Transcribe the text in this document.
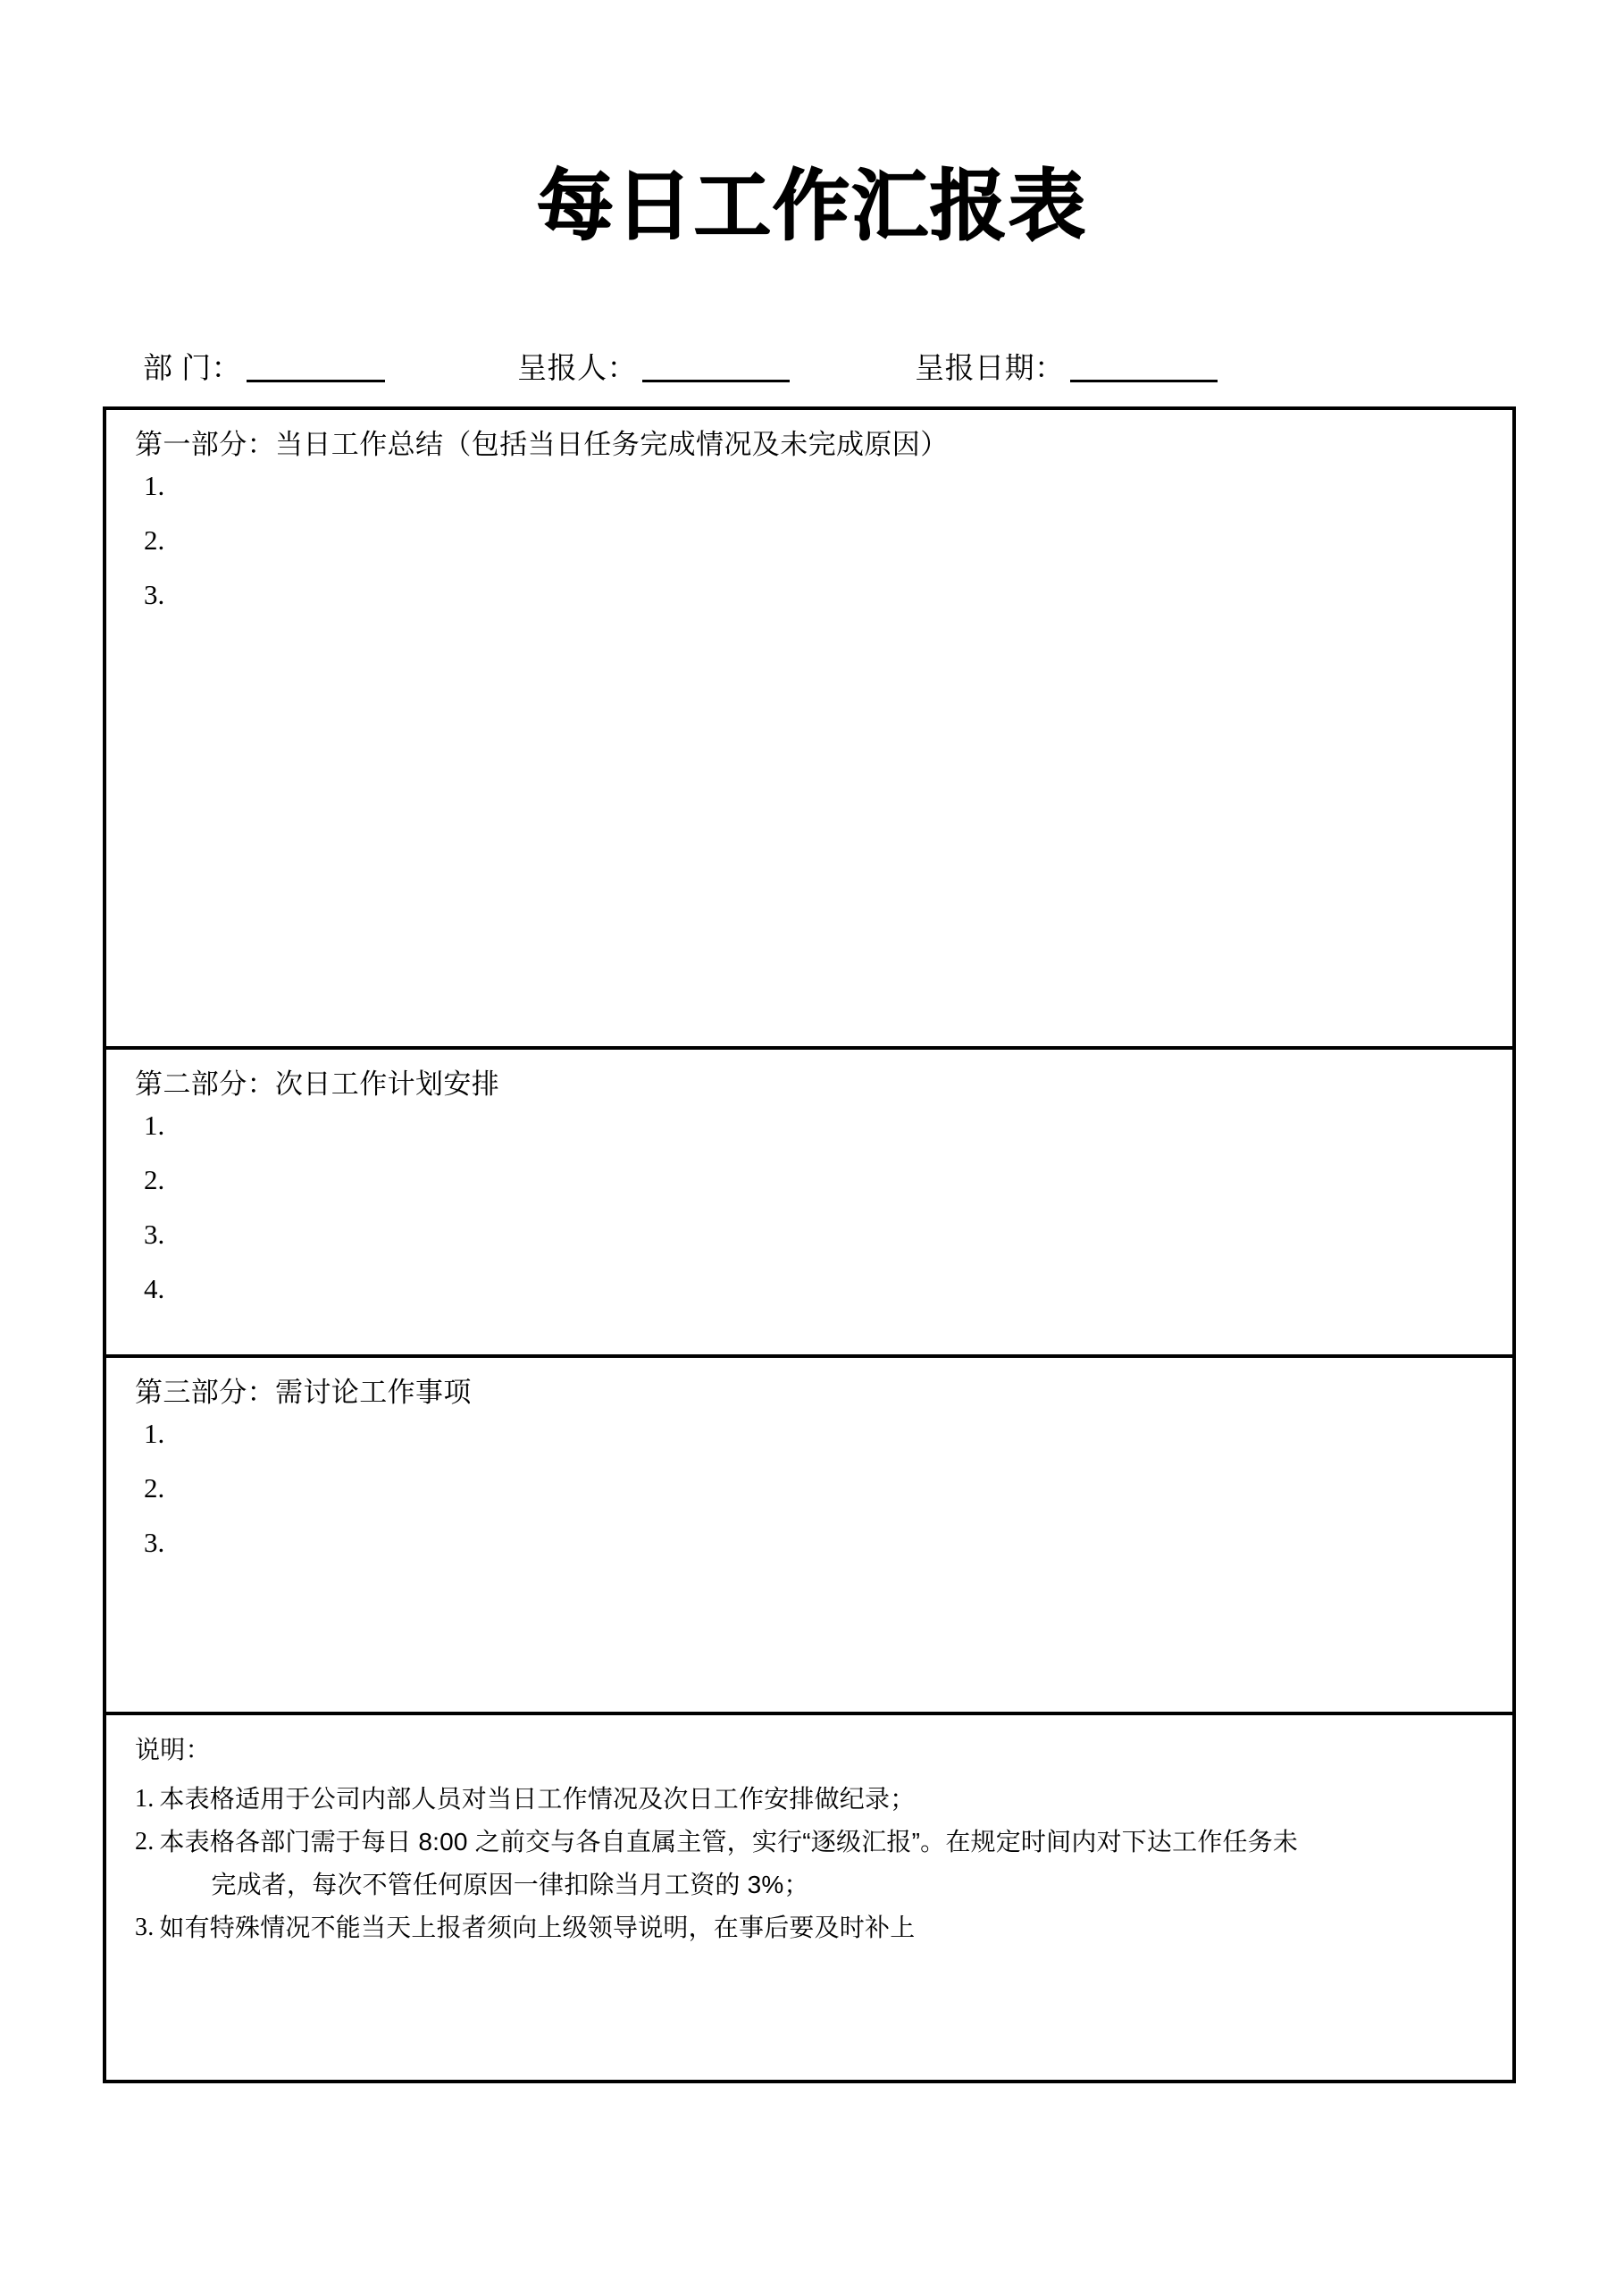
每日工作汇报表
部 门：	呈报人：	呈报日期：
第一部分：当日工作总结（包括当日任务完成情况及未完成原因）
1.
2.
3.
第二部分：次日工作计划安排
1.
2.
3.
4.
第三部分：需讨论工作事项
1.
2.
3.
说明：
1. 本表格适用于公司内部人员对当日工作情况及次日工作安排做纪录；
2. 本表格各部门需于每日 8:00 之前交与各自直属主管，实行“逐级汇报”。在规定时间内对下达工作任务未
完成者，每次不管任何原因一律扣除当月工资的 3%；
3. 如有特殊情况不能当天上报者须向上级领导说明，在事后要及时补上
